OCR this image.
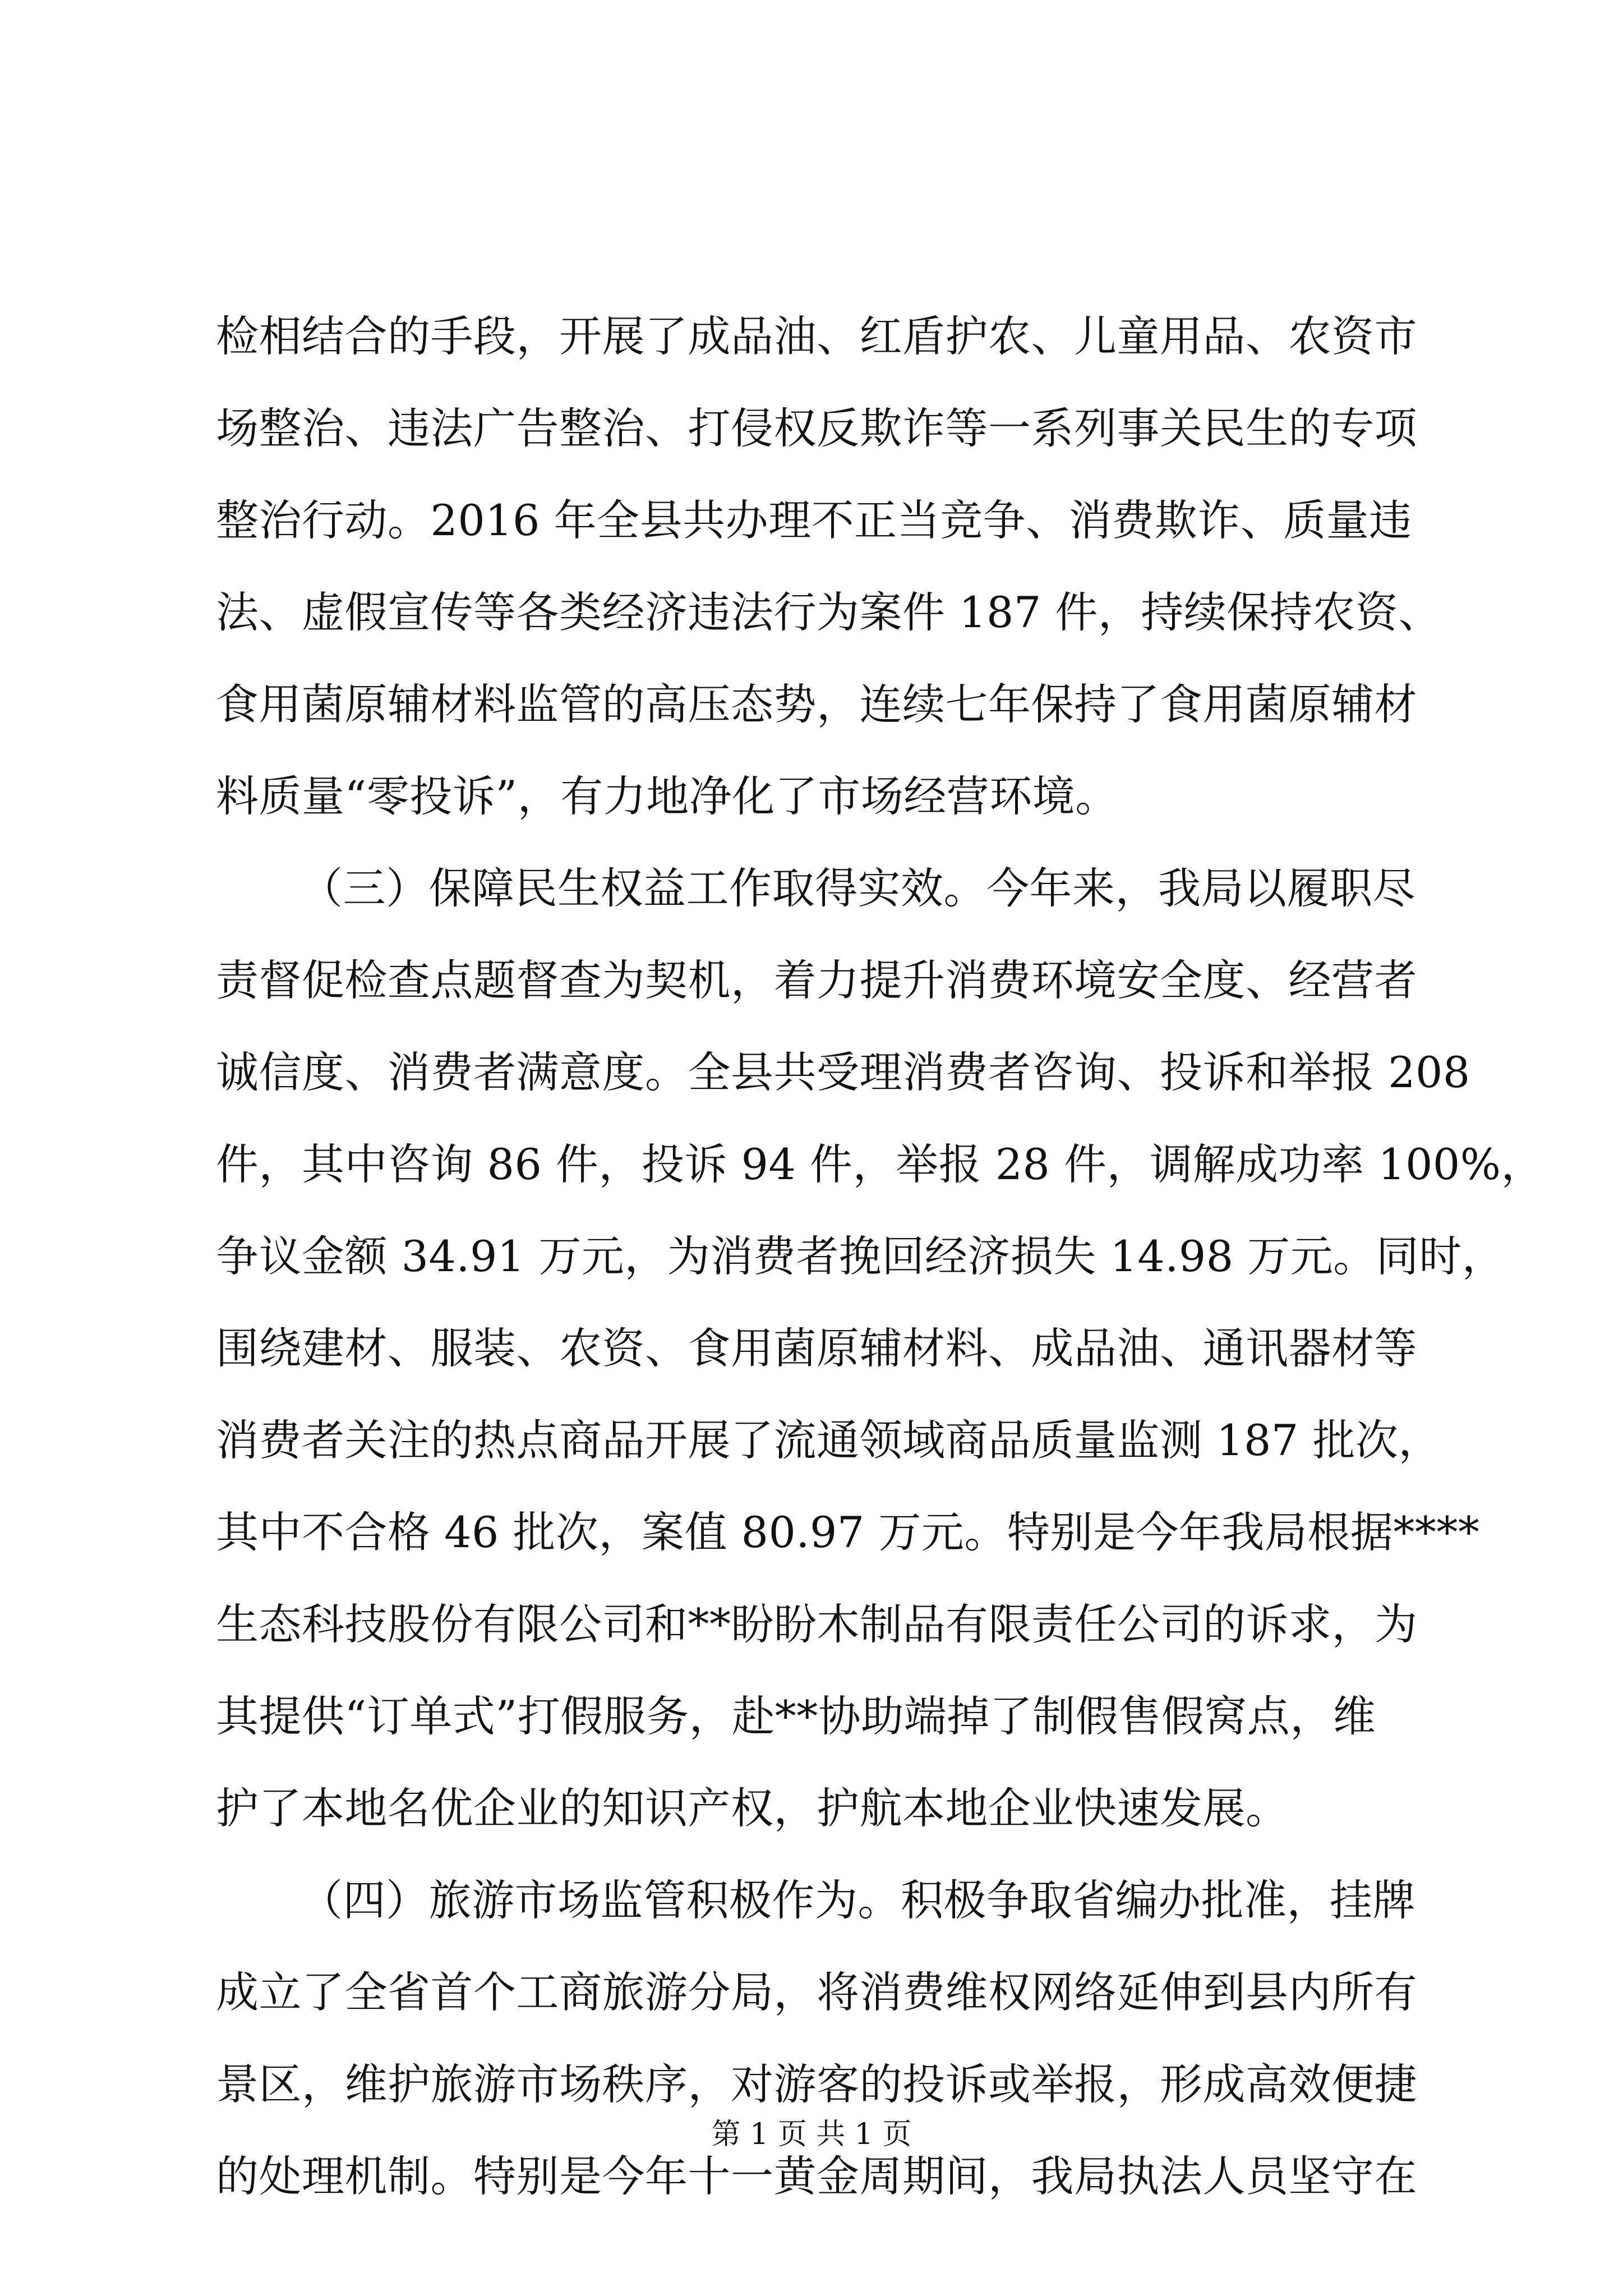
检相结合的手段，开展了成品油、红盾护农、儿童用品、农资市
场整治、违法广告整治、打侵权反欺诈等一系列事关民生的专项
整治行动。2016 年全县共办理不正当竞争、消费欺诈、质量违
法、虚假宣传等各类经济违法行为案件 187 件，持续保持农资、
食用菌原辅材料监管的高压态势，连续七年保持了食用菌原辅材
料质量“零投诉”，有力地净化了市场经营环境。
（三）保障民生权益工作取得实效。今年来，我局以履职尽
责督促检查点题督查为契机，着力提升消费环境安全度、经营者
诚信度、消费者满意度。全县共受理消费者咨询、投诉和举报 208
件，其中咨询 86 件，投诉 94 件，举报 28 件，调解成功率 100%，
争议金额 34.91 万元，为消费者挽回经济损失 14.98 万元。同时，
围绕建材、服装、农资、食用菌原辅材料、成品油、通讯器材等
消费者关注的热点商品开展了流通领域商品质量监测 187 批次，
其中不合格 46 批次，案值 80.97 万元。特别是今年我局根据****
生态科技股份有限公司和**盼盼木制品有限责任公司的诉求，为
其提供“订单式”打假服务，赴**协助端掉了制假售假窝点，维
护了本地名优企业的知识产权，护航本地企业快速发展。
（四）旅游市场监管积极作为。积极争取省编办批准，挂牌
成立了全省首个工商旅游分局，将消费维权网络延伸到县内所有
景区，维护旅游市场秩序，对游客的投诉或举报，形成高效便捷
的处理机制。特别是今年十一黄金周期间，我局执法人员坚守在
第 1 页 共 1 页
